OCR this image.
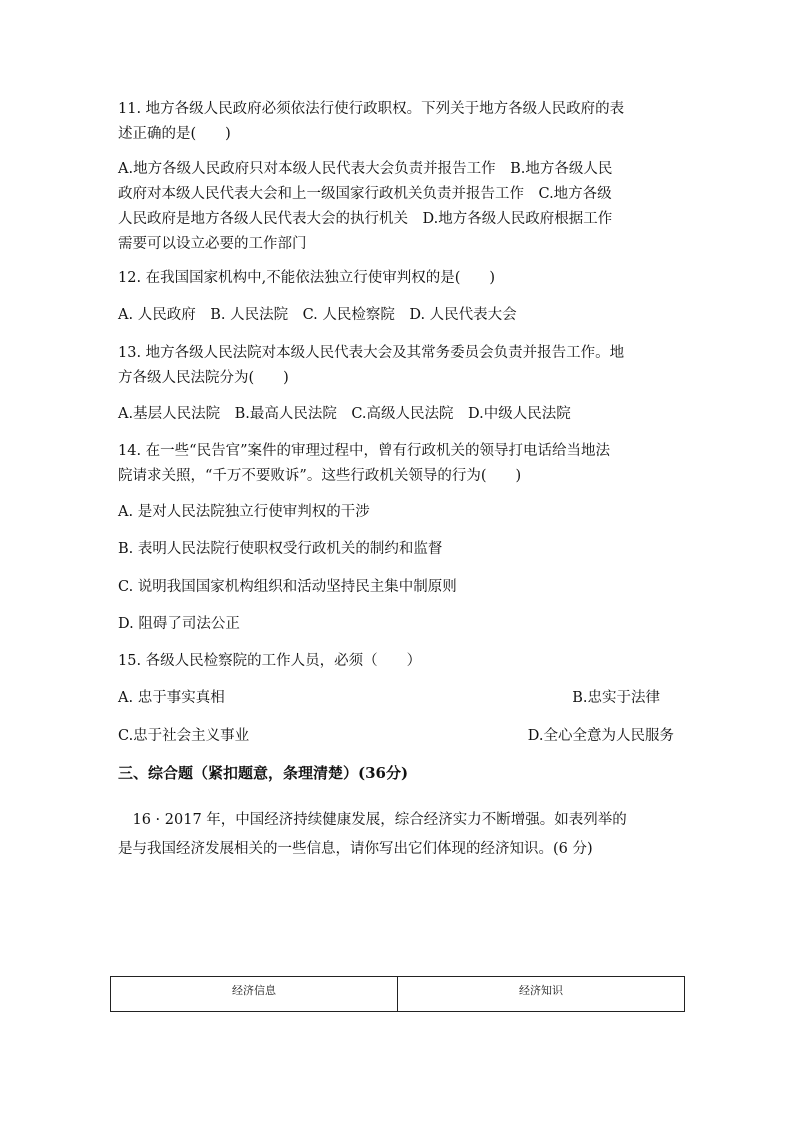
11. 地方各级人民政府必须依法行使行政职权。下列关于地方各级人民政府的表
述正确的是(　　)
A.地方各级人民政府只对本级人民代表大会负责并报告工作　B.地方各级人民
政府对本级人民代表大会和上一级国家行政机关负责并报告工作　C.地方各级
人民政府是地方各级人民代表大会的执行机关　D.地方各级人民政府根据工作
需要可以设立必要的工作部门
12. 在我国国家机构中,不能依法独立行使审判权的是(　　)
A. 人民政府　B. 人民法院　C. 人民检察院　D. 人民代表大会
13. 地方各级人民法院对本级人民代表大会及其常务委员会负责并报告工作。地
方各级人民法院分为(　　)
A.基层人民法院　B.最高人民法院　C.高级人民法院　D.中级人民法院
14. 在一些“民告官”案件的审理过程中，曾有行政机关的领导打电话给当地法
院请求关照，“千万不要败诉”。这些行政机关领导的行为(　　)
A. 是对人民法院独立行使审判权的干涉
B. 表明人民法院行使职权受行政机关的制约和监督
C. 说明我国国家机构组织和活动坚持民主集中制原则
D. 阻碍了司法公正
15. 各级人民检察院的工作人员，必须（　　）
A. 忠于事实真相	B.忠实于法律
C.忠于社会主义事业	D.全心全意为人民服务
三、综合题（紧扣题意，条理清楚）(36分)
　16 · 2017 年，中国经济持续健康发展，综合经济实力不断增强。如表列举的
是与我国经济发展相关的一些信息，请你写出它们体现的经济知识。(6 分)
经济信息	经济知识
